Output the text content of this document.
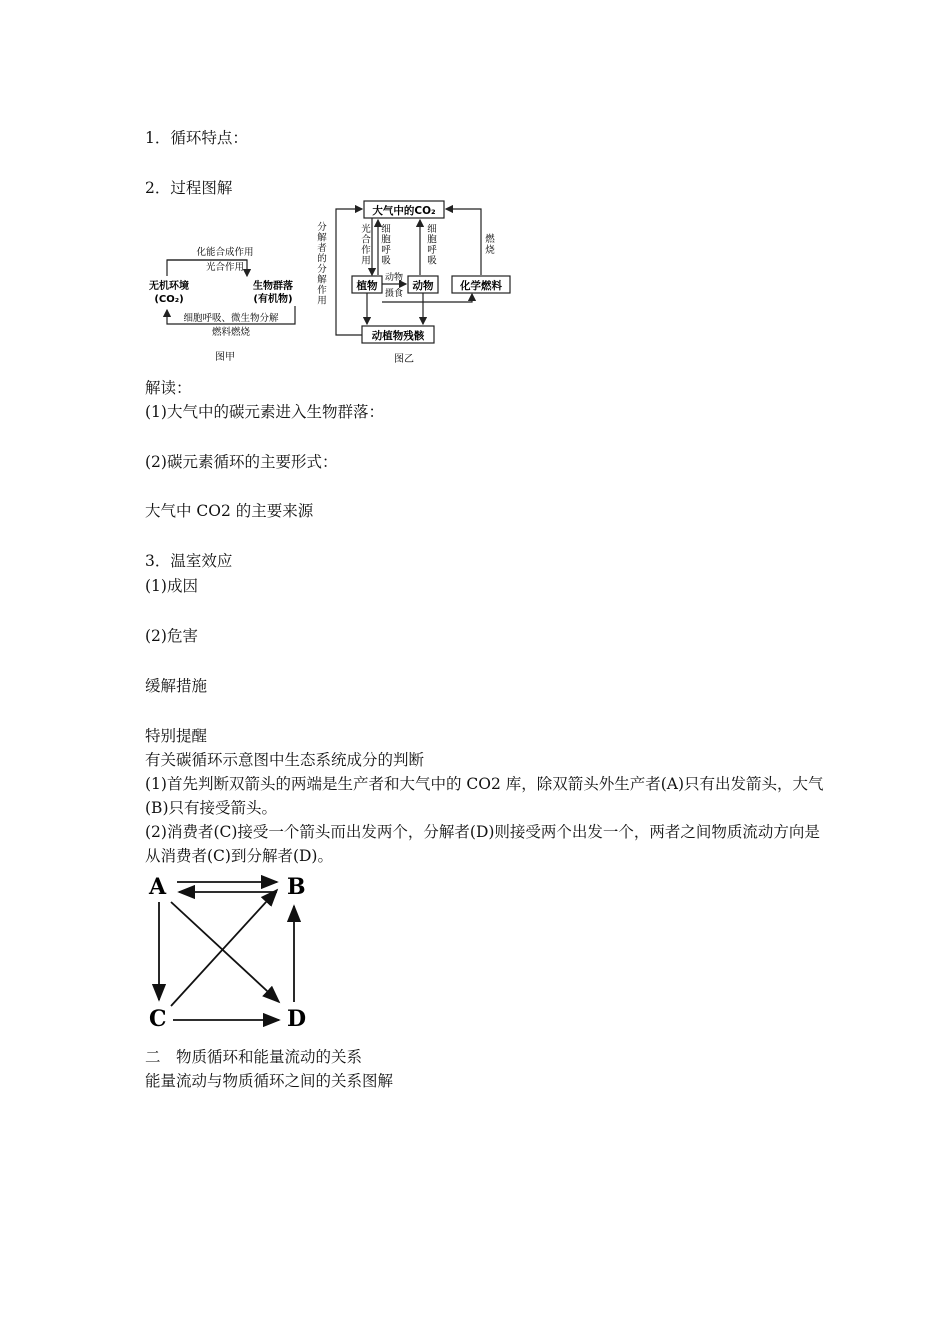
1．循环特点：
2．过程图解
化能合成作用
光合作用
无机环境
(CO₂)
生物群落
(有机物)
细胞呼吸、微生物分解
燃料燃烧
图甲
分
解
者
的
分
解
作
用
大气中的CO₂
植物	动物	化学燃料
动植物残骸
光
合
作
用
细
胞
呼
吸
细
胞
呼
吸
燃
烧
动物
摄食
图乙
解读：
(1)大气中的碳元素进入生物群落：
(2)碳元素循环的主要形式：
大气中 CO2 的主要来源
3．温室效应
(1)成因
(2)危害
缓解措施
特别提醒
有关碳循环示意图中生态系统成分的判断
(1)首先判断双箭头的两端是生产者和大气中的 CO2 库，除双箭头外生产者(A)只有出发箭头，大气(B)只有接受箭头。
(2)消费者(C)接受一个箭头而出发两个，分解者(D)则接受两个出发一个，两者之间物质流动方向是从消费者(C)到分解者(D)。
A	B
C	D
二　物质循环和能量流动的关系
能量流动与物质循环之间的关系图解
